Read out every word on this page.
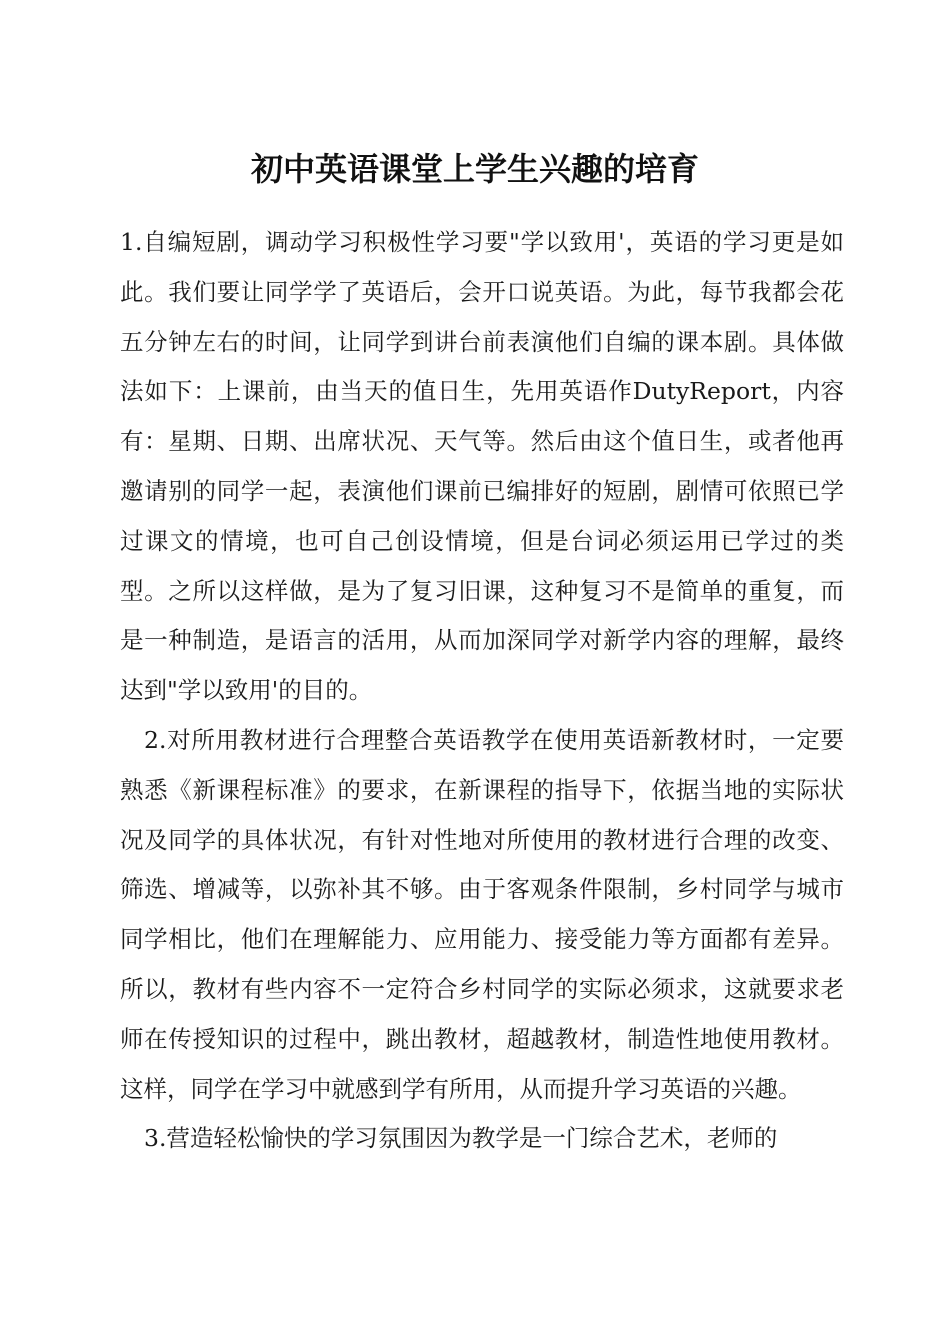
初中英语课堂上学生兴趣的培育

1.自编短剧，调动学习积极性学习要"学以致用'，英语的学习更是如此。我们要让同学学了英语后，会开口说英语。为此，每节我都会花五分钟左右的时间，让同学到讲台前表演他们自编的课本剧。具体做法如下：上课前，由当天的值日生，先用英语作DutyReport，内容有：星期、日期、出席状况、天气等。然后由这个值日生，或者他再邀请别的同学一起，表演他们课前已编排好的短剧，剧情可依照已学过课文的情境，也可自己创设情境，但是台词必须运用已学过的类型。之所以这样做，是为了复习旧课，这种复习不是简单的重复，而是一种制造，是语言的活用，从而加深同学对新学内容的理解，最终达到"学以致用'的目的。

2.对所用教材进行合理整合英语教学在使用英语新教材时，一定要熟悉《新课程标准》的要求，在新课程的指导下，依据当地的实际状况及同学的具体状况，有针对性地对所使用的教材进行合理的改变、筛选、增减等，以弥补其不够。由于客观条件限制，乡村同学与城市同学相比，他们在理解能力、应用能力、接受能力等方面都有差异。所以，教材有些内容不一定符合乡村同学的实际必须求，这就要求老师在传授知识的过程中，跳出教材，超越教材，制造性地使用教材。这样，同学在学习中就感到学有所用，从而提升学习英语的兴趣。

3.营造轻松愉快的学习氛围因为教学是一门综合艺术，老师的
